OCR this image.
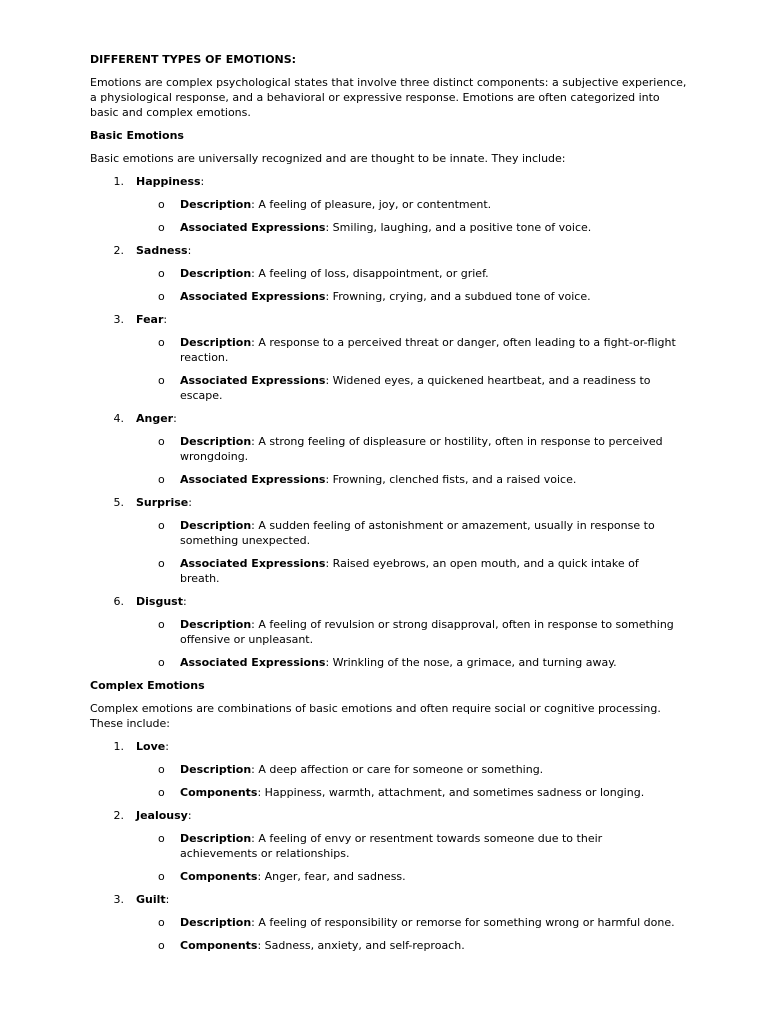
DIFFERENT TYPES OF EMOTIONS:

Emotions are complex psychological states that involve three distinct components: a subjective experience, a physiological response, and a behavioral or expressive response. Emotions are often categorized into basic and complex emotions.

Basic Emotions

Basic emotions are universally recognized and are thought to be innate. They include:

1. Happiness:
o Description: A feeling of pleasure, joy, or contentment.
o Associated Expressions: Smiling, laughing, and a positive tone of voice.
2. Sadness:
o Description: A feeling of loss, disappointment, or grief.
o Associated Expressions: Frowning, crying, and a subdued tone of voice.
3. Fear:
o Description: A response to a perceived threat or danger, often leading to a fight-or-flight reaction.
o Associated Expressions: Widened eyes, a quickened heartbeat, and a readiness to escape.
4. Anger:
o Description: A strong feeling of displeasure or hostility, often in response to perceived wrongdoing.
o Associated Expressions: Frowning, clenched fists, and a raised voice.
5. Surprise:
o Description: A sudden feeling of astonishment or amazement, usually in response to something unexpected.
o Associated Expressions: Raised eyebrows, an open mouth, and a quick intake of breath.
6. Disgust:
o Description: A feeling of revulsion or strong disapproval, often in response to something offensive or unpleasant.
o Associated Expressions: Wrinkling of the nose, a grimace, and turning away.
Complex Emotions

Complex emotions are combinations of basic emotions and often require social or cognitive processing. These include:

1. Love:
o Description: A deep affection or care for someone or something.
o Components: Happiness, warmth, attachment, and sometimes sadness or longing.
2. Jealousy:
o Description: A feeling of envy or resentment towards someone due to their achievements or relationships.
o Components: Anger, fear, and sadness.
3. Guilt:
o Description: A feeling of responsibility or remorse for something wrong or harmful done.
o Components: Sadness, anxiety, and self-reproach.
